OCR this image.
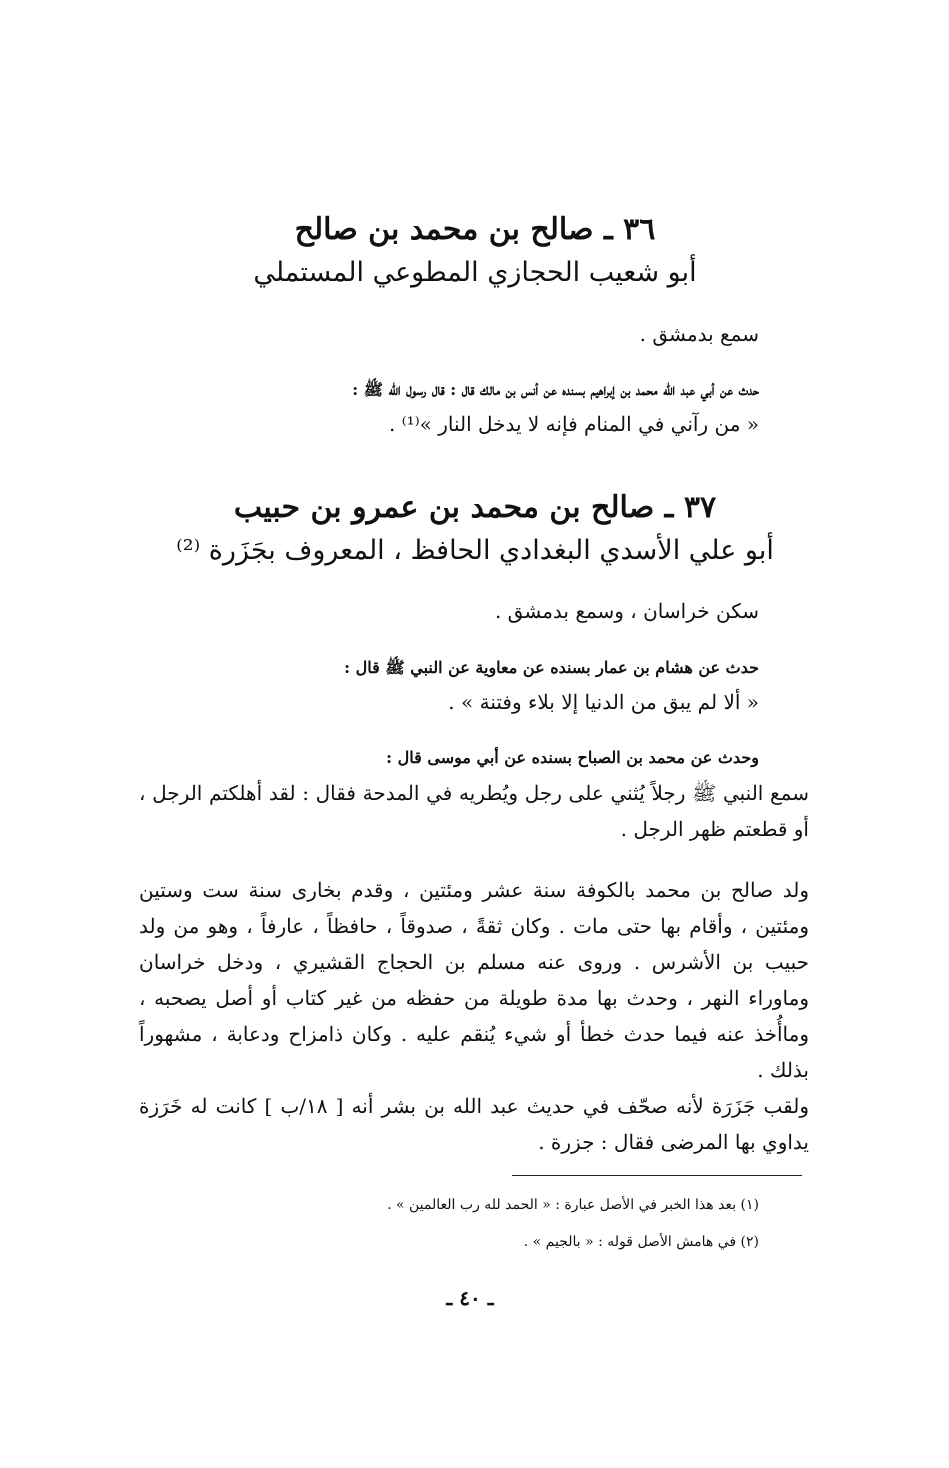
٣٦ ـ صالح بن محمد بن صالح
أبو شعيب الحجازي المطوعي المستملي
سمع بدمشق .
حدث عن أبي عبد الله محمد بن إبراهيم بسنده عن أنس بن مالك قال : قال رسول الله ﷺ :
« من رآني في المنام فإنه لا يدخل النار »⁽¹⁾ .
٣٧ ـ صالح بن محمد بن عمرو بن حبيب
أبو علي الأسدي البغدادي الحافظ ، المعروف بجَزَرة ⁽²⁾
سكن خراسان ، وسمع بدمشق .
حدث عن هشام بن عمار بسنده عن معاوية عن النبي ﷺ قال :
« ألا لم يبق من الدنيا إلا بلاء وفتنة » .
وحدث عن محمد بن الصباح بسنده عن أبي موسى قال :
سمع النبي ﷺ رجلاً يُثني على رجل ويُطريه في المدحة فقال : لقد أهلكتم الرجل ، أو قطعتم ظهر الرجل .
ولد صالح بن محمد بالكوفة سنة عشر ومئتين ، وقدم بخارى سنة ست وستين ومئتين ، وأقام بها حتى مات . وكان ثقةً ، صدوقاً ، حافظاً ، عارفاً ، وهو من ولد حبيب بن الأشرس . وروى عنه مسلم بن الحجاج القشيري ، ودخل خراسان وماوراء النهر ، وحدث بها مدة طويلة من حفظه من غير كتاب أو أصل يصحبه ، وماأُخذ عنه فيما حدث خطأ أو شيء يُنقم عليه . وكان ذامزاح ودعابة ، مشهوراً بذلك .
ولقب جَزَرَة لأنه صحّف في حديث عبد الله بن بشر أنه [ ١٨/ب ] كانت له خَرَزة يداوي بها المرضى فقال : جزرة .
(١) بعد هذا الخبر في الأصل عبارة : « الحمد لله رب العالمين » .
(٢) في هامش الأصل قوله : « بالجيم » .
ـ ٤٠ ـ
